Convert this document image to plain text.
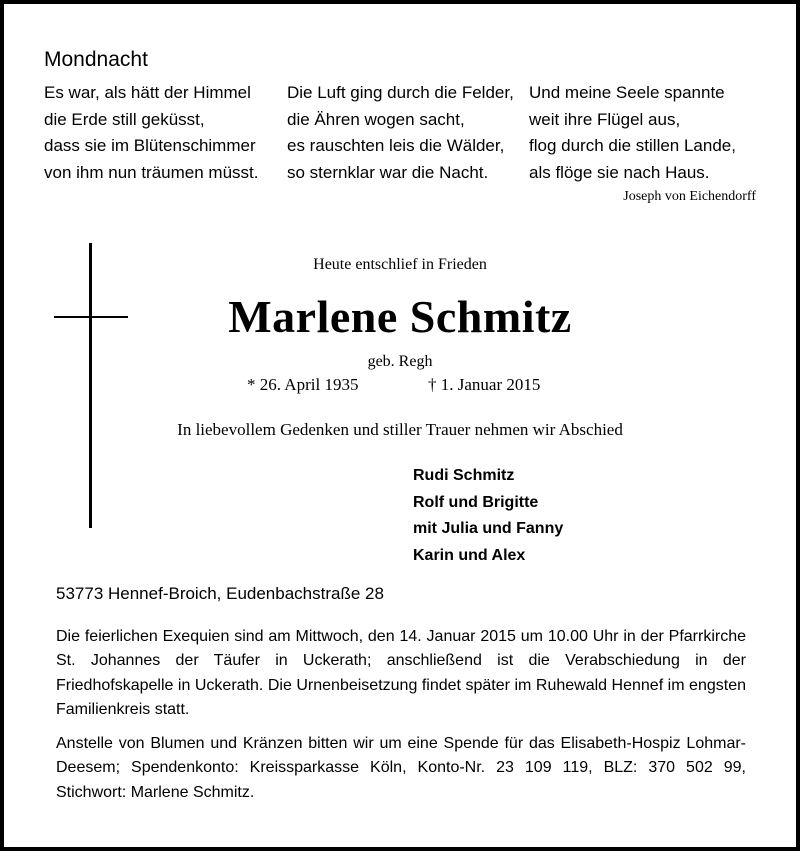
Mondnacht
Es war, als hätt der Himmel
die Erde still geküsst,
dass sie im Blütenschimmer
von ihm nun träumen müsst.
Die Luft ging durch die Felder,
die Ähren wogen sacht,
es rauschten leis die Wälder,
so sternklar war die Nacht.
Und meine Seele spannte
weit ihre Flügel aus,
flog durch die stillen Lande,
als flöge sie nach Haus.
Joseph von Eichendorff
Heute entschlief in Frieden
Marlene Schmitz
geb. Regh
* 26. April 1935	† 1. Januar 2015
In liebevollem Gedenken und stiller Trauer nehmen wir Abschied
Rudi Schmitz
Rolf und Brigitte
mit Julia und Fanny
Karin und Alex
53773 Hennef-Broich, Eudenbachstraße 28
Die feierlichen Exequien sind am Mittwoch, den 14. Januar 2015 um 10.00 Uhr in der Pfarrkirche St. Johannes der Täufer in Uckerath; anschließend ist die Verabschiedung in der Friedhofskapelle in Uckerath. Die Urnenbeisetzung findet später im Ruhewald Hennef im engsten Familienkreis statt.
Anstelle von Blumen und Kränzen bitten wir um eine Spende für das Elisabeth-Hospiz Lohmar-Deesem; Spendenkonto: Kreissparkasse Köln, Konto-Nr. 23 109 119, BLZ: 370 502 99, Stichwort: Marlene Schmitz.
